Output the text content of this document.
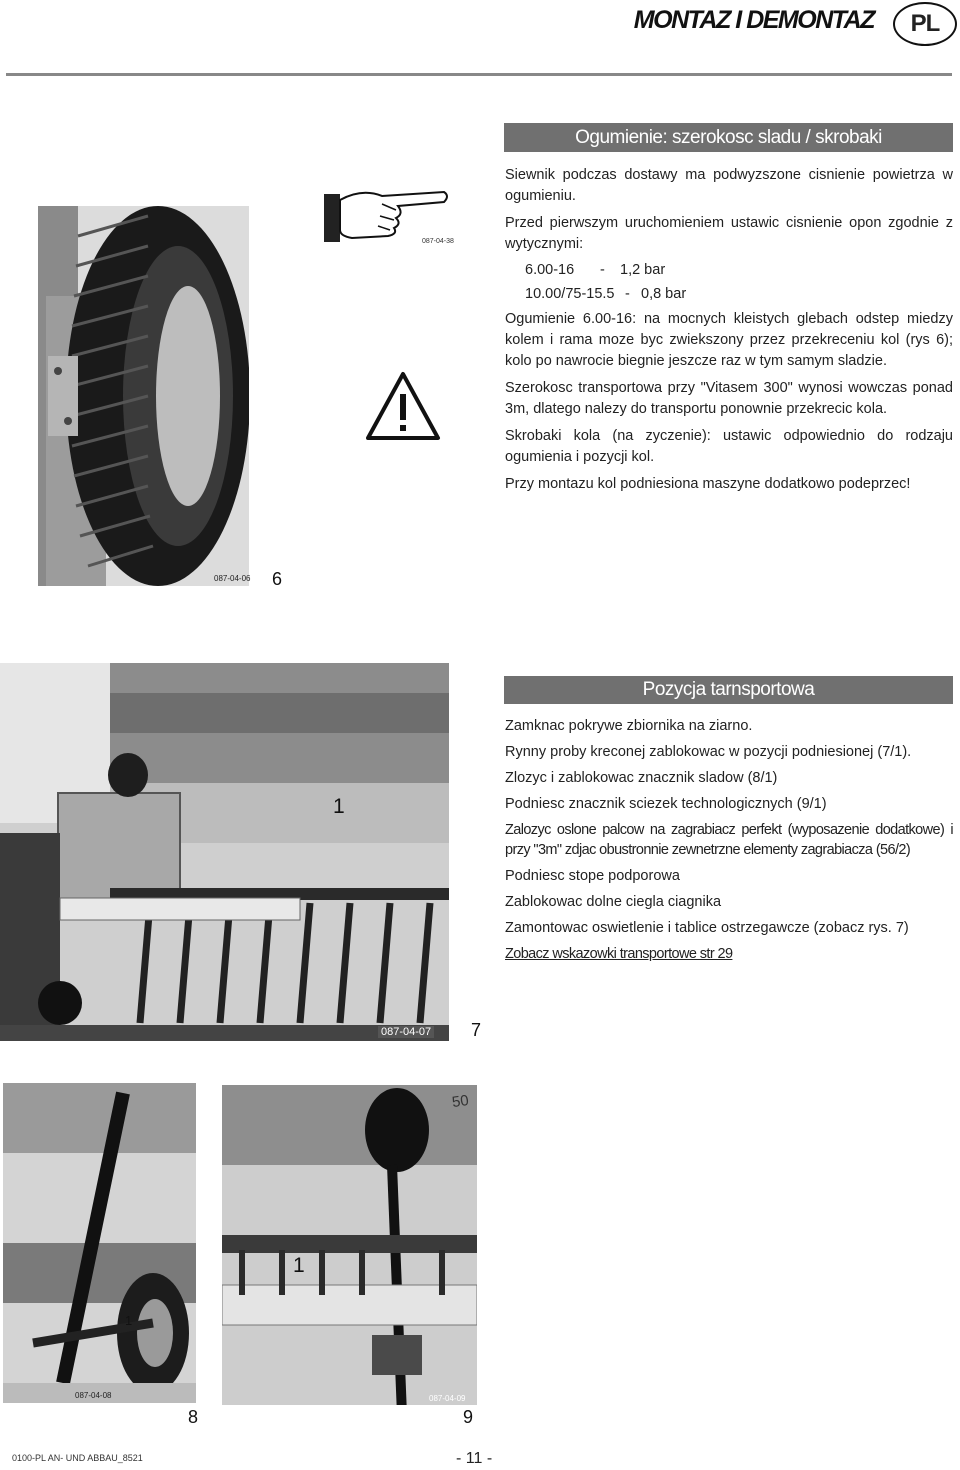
MONTAZ I DEMONTAZ	PL
Ogumienie: szerokosc sladu / skrobaki
087-04-06 6
087-04-38

Siewnik podczas dostawy ma podwyzszone cisnienie powietrza w ogumieniu.

Przed pierwszym uruchomieniem ustawic cisnienie opon zgodnie z wytycznymi:

6.00-16	-	1,2 bar
10.00/75-15.5 - 0,8 bar

Ogumienie 6.00-16: na mocnych kleistych glebach odstep miedzy kolem i rama moze byc zwiekszony przez przekreceniu kol (rys 6); kolo po nawrocie biegnie jeszcze raz w tym samym sladzie.

Szerokosc transportowa przy "Vitasem 300" wynosi wowczas ponad 3m, dlatego nalezy do transportu ponownie przekrecic kola.

Skrobaki kola (na zyczenie): ustawic odpowiednio do rodzaju ogumienia i pozycji kol.

Przy montazu kol podniesiona maszyne dodatkowo podeprzec!

1
087-04-07 7
Pozycja tarnsportowa

Zamknac pokrywe zbiornika na ziarno.

Rynny proby kreconej zablokowac w pozycji podniesionej (7/1).

Zlozyc i zablokowac znacznik sladow (8/1)

Podniesc znacznik sciezek technologicznych (9/1)

Zalozyc oslone palcow na zagrabiacz perfekt (wyposazenie dodatkowe) i przy "3m" zdjac obustronnie zewnetrzne elementy zagrabiacza (56/2)

Podniesc stope podporowa

Zablokowac dolne ciegla ciagnika

Zamontowac oswietlenie i tablice ostrzegawcze (zobacz rys. 7)

Zobacz wskazowki transportowe str 29

1
087-04-08
8
50
1
087-04-09
9
0100-PL AN- UND ABBAU_8521	- 11 -
